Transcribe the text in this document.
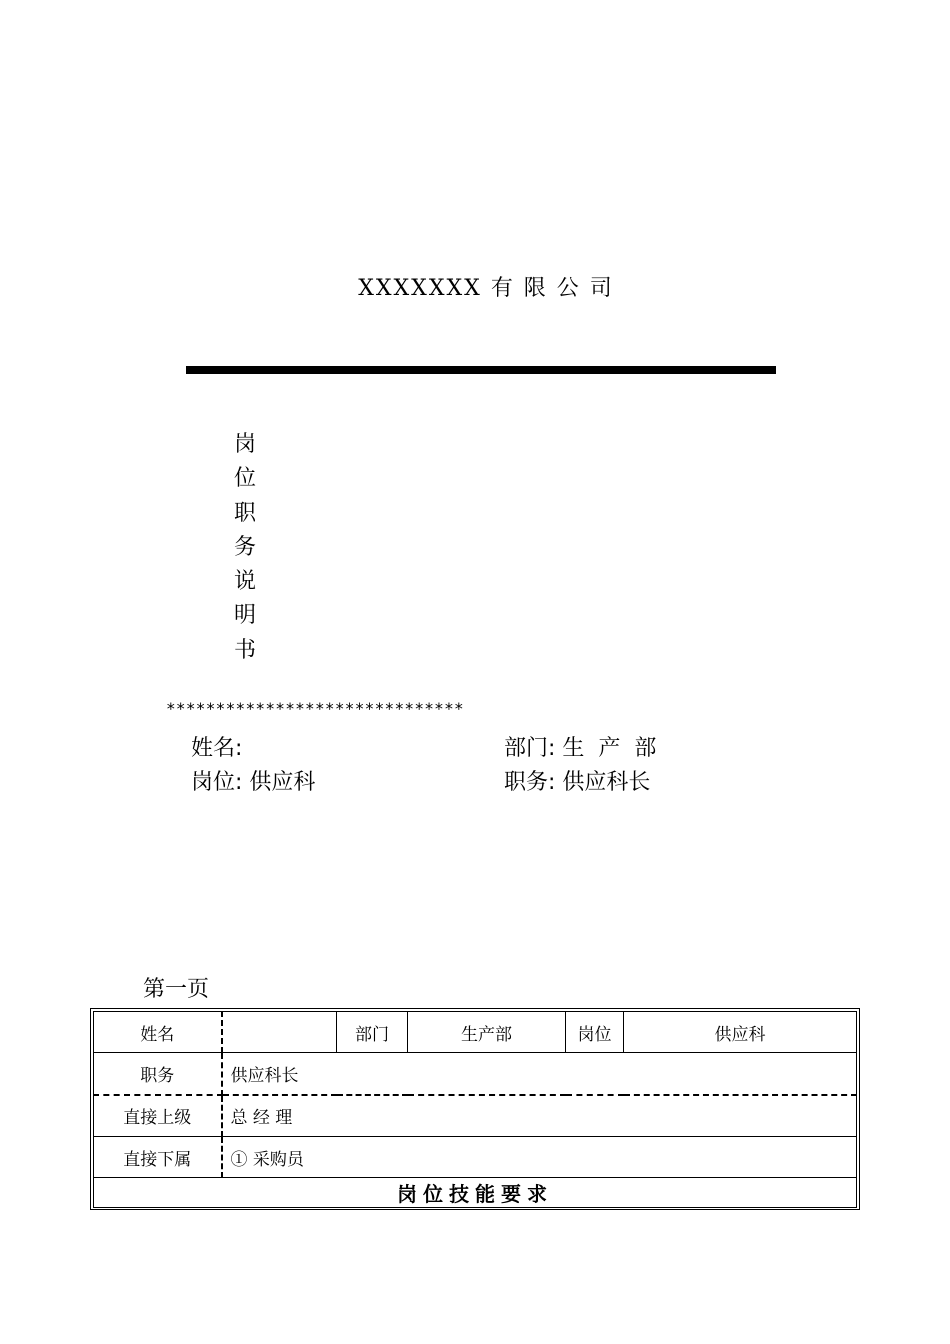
XXXXXXX 有 限 公 司
岗
位
职
务
说
明
书
******************************
姓名:	部门: 生  产  部
岗位: 供应科	职务: 供应科长
第一页
姓名		部门	生产部	岗位	供应科
职务	供应科长				
直接上级	总 经 理				
直接下属	① 采购员				
岗位技能要求					
